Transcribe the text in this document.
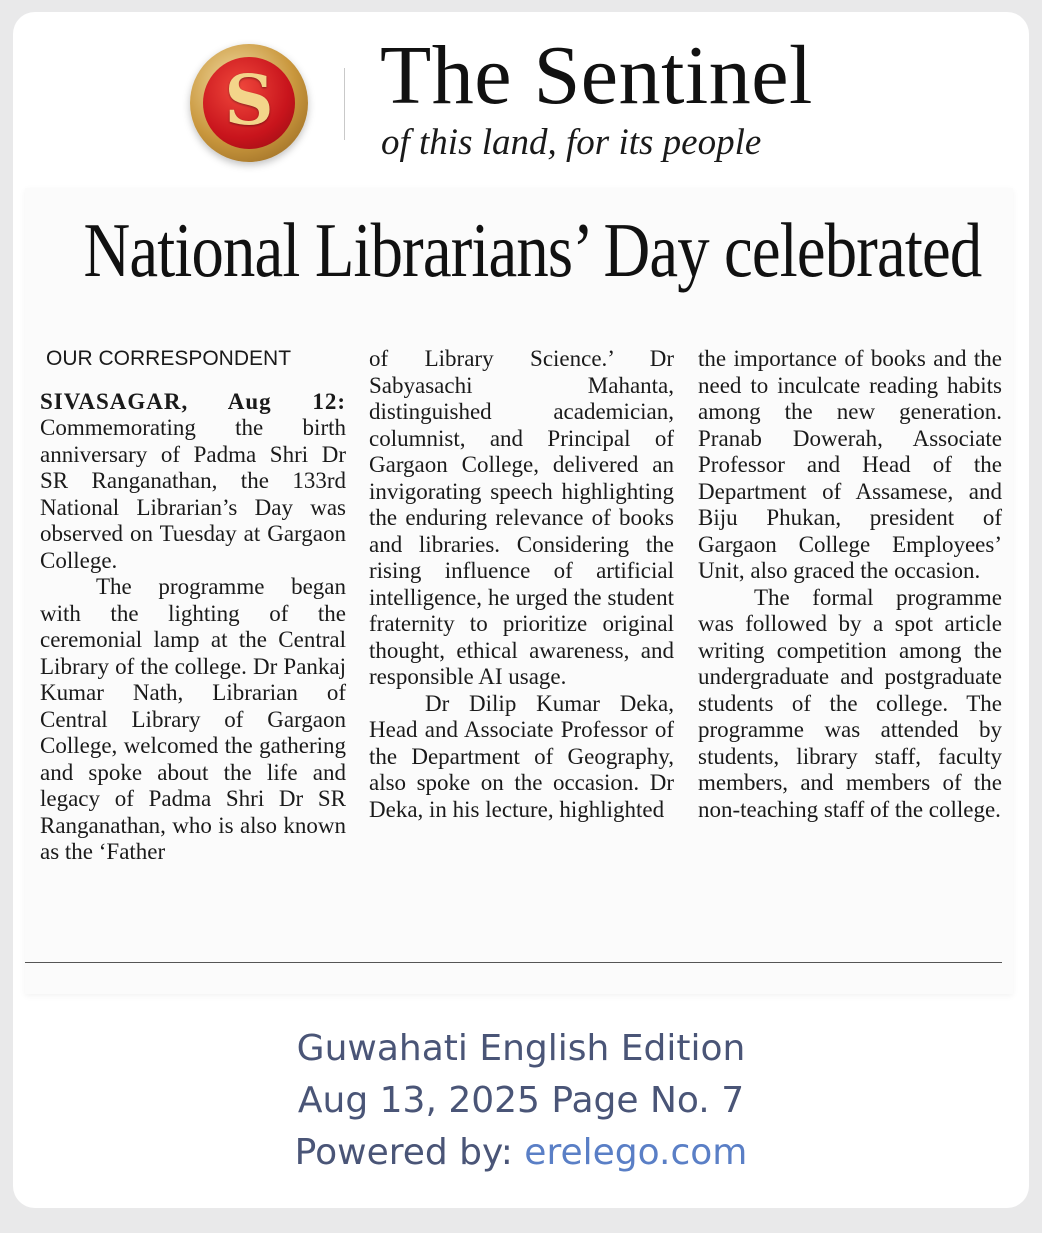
S The Sentinel
of this land, for its people
National Librarians’ Day celebrated
OUR CORRESPONDENT

SIVASAGAR, Aug 12: Commemorating the birth anniversary of Padma Shri Dr SR Ranganathan, the 133rd National Librarian’s Day was observed on Tuesday at Gargaon College.

The programme began with the lighting of the ceremonial lamp at the Central Library of the college. Dr Pankaj Kumar Nath, Librarian of Central Library of Gargaon College, welcomed the gathering and spoke about the life and legacy of Padma Shri Dr SR Ranganathan, who is also known as the ‘Father

of Library Science.’ Dr Sabyasachi Mahanta, distinguished academician, columnist, and Principal of Gargaon College, delivered an invigorating speech highlighting the enduring relevance of books and libraries. Considering the rising influence of artificial intelligence, he urged the student fraternity to prioritize original thought, ethical awareness, and responsible AI usage.

Dr Dilip Kumar Deka, Head and Associate Professor of the Department of Geography, also spoke on the occasion. Dr Deka, in his lecture, highlighted

the importance of books and the need to inculcate reading habits among the new generation. Pranab Dowerah, Associate Professor and Head of the Department of Assamese, and Biju Phukan, president of Gargaon College Employees’ Unit, also graced the occasion.

The formal programme was followed by a spot article writing competition among the undergraduate and postgraduate students of the college. The programme was attended by students, library staff, faculty members, and members of the non-teaching staff of the college.

Guwahati English Edition
Aug 13, 2025 Page No. 7
Powered by: erelego.com
